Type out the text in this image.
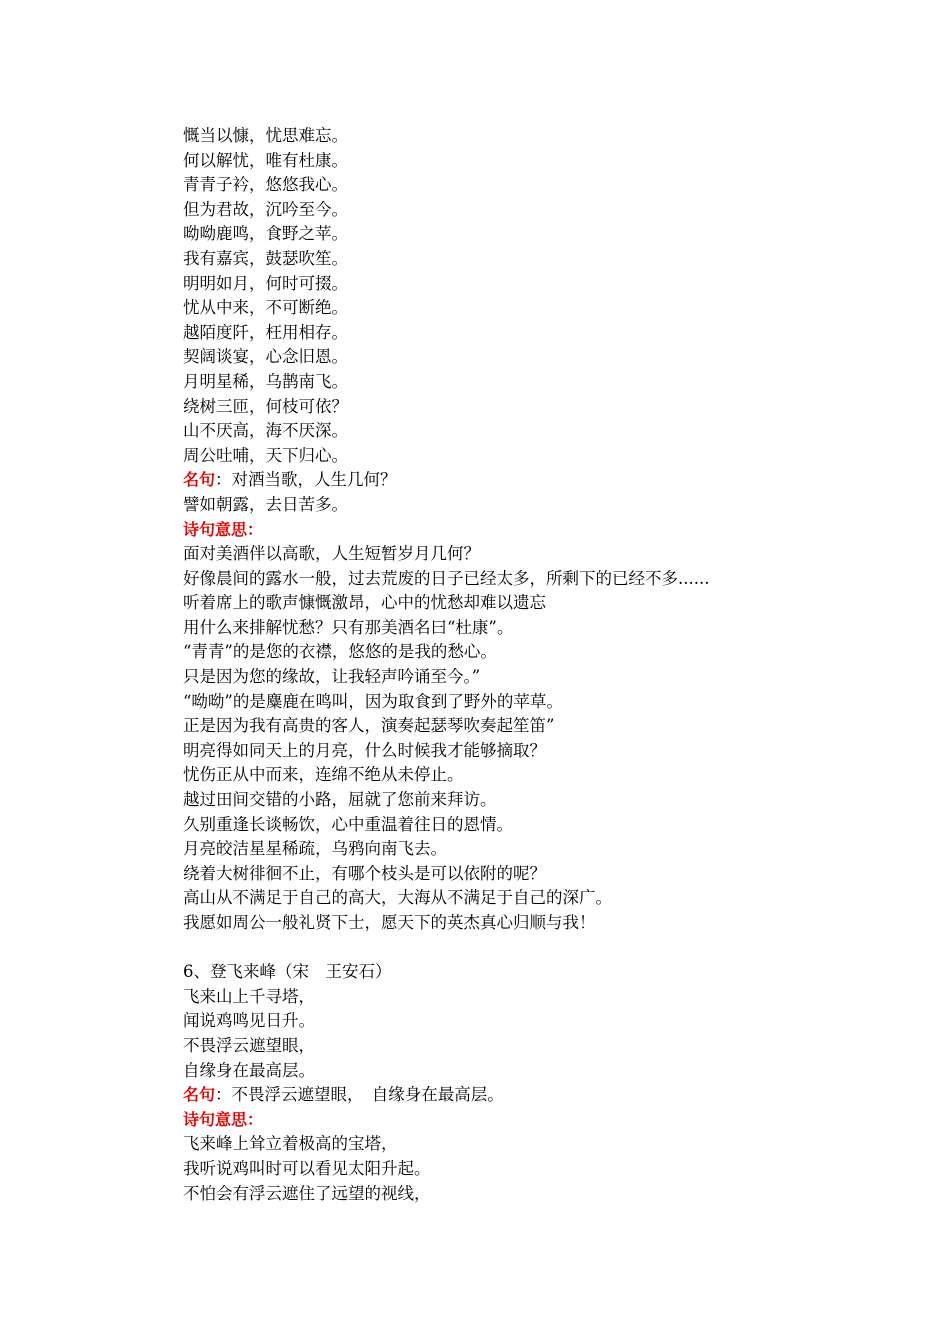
慨当以慷，忧思难忘。
何以解忧，唯有杜康。
青青子衿，悠悠我心。
但为君故，沉吟至今。
呦呦鹿鸣，食野之苹。
我有嘉宾，鼓瑟吹笙。
明明如月，何时可掇。
忧从中来，不可断绝。
越陌度阡，枉用相存。
契阔谈宴，心念旧恩。
月明星稀，乌鹊南飞。
绕树三匝，何枝可依？
山不厌高，海不厌深。
周公吐哺，天下归心。
名句：对酒当歌，人生几何？
譬如朝露，去日苦多。
诗句意思：
面对美酒伴以高歌，人生短暂岁月几何？
好像晨间的露水一般，过去荒废的日子已经太多，所剩下的已经不多......
听着席上的歌声慷慨激昂，心中的忧愁却难以遗忘
用什么来排解忧愁？只有那美酒名曰“杜康”。
“青青”的是您的衣襟，悠悠的是我的愁心。
只是因为您的缘故，让我轻声吟诵至今。”
“呦呦”的是麋鹿在鸣叫，因为取食到了野外的苹草。
正是因为我有高贵的客人，演奏起瑟琴吹奏起笙笛”
明亮得如同天上的月亮，什么时候我才能够摘取？
忧伤正从中而来，连绵不绝从未停止。
越过田间交错的小路，屈就了您前来拜访。
久别重逢长谈畅饮，心中重温着往日的恩情。
月亮皎洁星星稀疏，乌鸦向南飞去。
绕着大树徘徊不止，有哪个枝头是可以依附的呢？
高山从不满足于自己的高大，大海从不满足于自己的深广。
我愿如周公一般礼贤下士，愿天下的英杰真心归顺与我！
6、登飞来峰（宋　王安石）
飞来山上千寻塔，
闻说鸡鸣见日升。
不畏浮云遮望眼，
自缘身在最高层。
名句：不畏浮云遮望眼，　自缘身在最高层。
诗句意思：
飞来峰上耸立着极高的宝塔，
我听说鸡叫时可以看见太阳升起。
不怕会有浮云遮住了远望的视线，
